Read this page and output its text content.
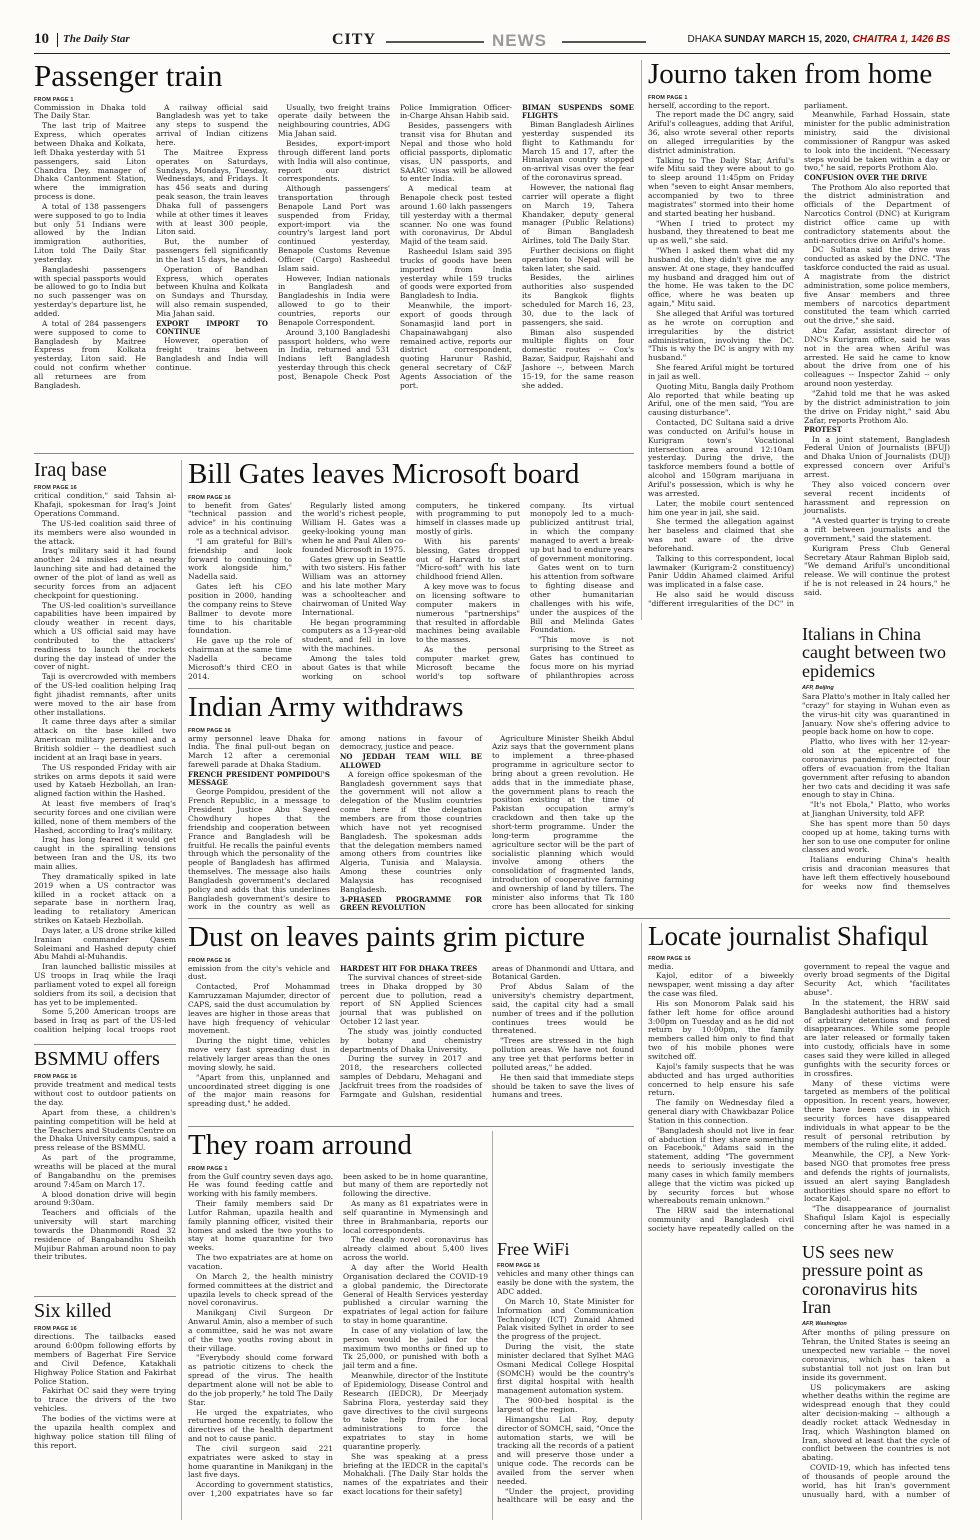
10 The Daily Star	CITY	NEWS	DHAKA SUNDAY MARCH 15, 2020, CHAITRA 1, 1426 BS
Passenger train
FROM PAGE 1

Commission in Dhaka told The Daily Star.

The last trip of Maitree Express, which operates between Dhaka and Kolkata, left Dhaka yesterday with 51 passengers, said Liton Chandra Dey, manager of Dhaka Cantonment Station, where the immigration process is done.

A total of 138 passengers were supposed to go to India but only 51 Indians were allowed by the Indian immigration authorities, Liton told The Daily Star yesterday.

Bangladeshi passengers with special passports would be allowed to go to India but no such passenger was on yesterday's departure list, he added.

A total of 284 passengers were supposed to come to Bangladesh by Maitree Express from Kolkata yesterday, Liton said. He could not confirm whether all returnees are from Bangladesh.

A railway official said Bangladesh was yet to take any steps to suspend the arrival of Indian citizens here.

The Maitree Express operates on Saturdays, Sundays, Mondays, Tuesday, Wednesdays, and Fridays. It has 456 seats and during peak season, the train leaves Dhaka full of passengers while at other times it leaves with at least 300 people, Liton said.

But, the number of passengers fell significantly in the last 15 days, he added.

Operation of Bandhan Express, which operates between Khulna and Kolkata on Sundays and Thursday, will also remain suspended, Mia Jahan said.

EXPORT IMPORT TO CONTINUE

However, operation of freight trains between Bangladesh and India will continue.

Usually, two freight trains operate daily between the neighbouring countries, ADG Mia Jahan said.

Besides, export-import through different land ports with India will also continue, report our district correspondents.

Although passengers' transportation through Benapole Land Port was suspended from Friday, export-import via the country's largest land port continued yesterday, Benapole Customs Revenue Officer (Cargo) Rasheedul Islam said.

However, Indian nationals in Bangladesh and Bangladeshis in India were allowed to go to their countries, reports our Benapole Correspondent.

Around 3,100 Bangladeshi passport holders, who were in India, returned and 531 Indians left Bangladesh yesterday through this check post, Benapole Check Post Police Immigration Officer-in-Charge Ahsan Habib said.

Besides, passengers with transit visa for Bhutan and Nepal and those who hold official passports, diplomatic visas, UN passports, and SAARC visas will be allowed to enter India.

A medical team at Benapole check post tested around 1.60 lakh passengers till yesterday with a thermal scanner. No one was found with coronavirus, Dr Abdul Majid of the team said.

Rasheedul Islam said 395 trucks of goods have been imported from India yesterday while 159 trucks of goods were exported from Bangladesh to India.

Meanwhile, the import-export of goods through Sonamasjid land port in Chapainawabganj also remained active, reports our district correspondent, quoting Harunur Rashid, general secretary of C&F Agents Association of the port.

BIMAN SUSPENDS SOME FLIGHTS

Biman Bangladesh Airlines yesterday suspended its flight to Kathmandu for March 15 and 17, after the Himalayan country stopped on-arrival visas over the fear of the coronavirus spread.

However, the national flag carrier will operate a flight on March 19, Tahera Khandaker, deputy general manager (Public Relations) of Biman Bangladesh Airlines, told The Daily Star.

Further decisions on flight operation to Nepal will be taken later, she said.

Besides, the airlines authorities also suspended its Bangkok flights scheduled for March 16, 23, 30, due to the lack of passengers, she said.

Biman also suspended multiple flights on four domestic routes -- Cox's Bazar, Saidpur, Rajshahi and Jashore --, between March 15-19, for the same reason she added.

Journo taken from home
FROM PAGE 1

herself, according to the report.

The report made the DC angry, said Ariful's colleagues, adding that Ariful, 36, also wrote several other reports on alleged irregularities by the district administration.

Talking to The Daily Star, Ariful's wife Mitu said they were about to go to sleep around 11:45pm on Friday when "seven to eight Ansar members, accompanied by two to three magistrates" stormed into their home and started beating her husband.

"When I tried to protect my husband, they threatened to beat me up as well," she said.

"When I asked them what did my husband do, they didn't give me any answer. At one stage, they handcuffed my husband and dragged him out of the home. He was taken to the DC office, where he was beaten up again," Mitu said.

She alleged that Ariful was tortured as he wrote on corruption and irregularities by the district administration, involving the DC. "This is why the DC is angry with my husband."

She feared Ariful might be tortured in jail as well.

Quoting Mitu, Bangla daily Prothom Alo reported that while beating up Ariful, one of the men said, "You are causing disturbance".

Contacted, DC Sultana said a drive was conducted on Ariful's house in Kurigram town's Vocational intersection area around 12:10am yesterday. During the drive, the taskforce members found a bottle of alcohol and 150gram marijuana in Ariful's possession, which is why he was arrested.

Later, the mobile court sentenced him one year in jail, she said.

She termed the allegation against her baseless and claimed that she was not aware of the drive beforehand.

Talking to this correspondent, local lawmaker (Kurigram-2 constituency) Panir Uddin Ahamed claimed Ariful was implicated in a false case.

He also said he would discuss "different irregularities of the DC" in parliament.

Meanwhile, Farhad Hossain, state minister for the public administration ministry, said the divisional commissioner of Rangpur was asked to look into the incident. "Necessary steps would be taken within a day or two," he said, reports Prothom Alo.

CONFUSION OVER THE DRIVE

The Prothom Alo also reported that the district administration and officials of the Department of Narcotics Control (DNC) at Kurigram district office came up with contradictory statements about the anti-narcotics drive on Ariful's home.

DC Sultana said the drive was conducted as asked by the DNC. "The taskforce conducted the raid as usual. A magistrate from the district administration, some police members, five Ansar members and three members of narcotics department constituted the team which carried out the drive," she said.

Abu Zafar, assistant director of DNC's Kurigram office, said he was not in the area when Ariful was arrested. He said he came to know about the drive from one of his colleagues -- Inspector Zahid -- only around noon yesterday.

"Zahid told me that he was asked by the district administration to join the drive on Friday night," said Abu Zafar, reports Prothom Alo.

PROTEST

In a joint statement, Bangladesh Federal Union of Journalists (BFUJ) and Dhaka Union of Journalists (DUJ) expressed concern over Ariful's arrest.

They also voiced concern over several recent incidents of harassment and repression on journalists.

"A vested quarter is trying to create a rift between journalists and the government," said the statement.

Kurigram Press Club General Secretary Ataur Rahman Biplob said, "We demand Ariful's unconditional release. We will continue the protest if he is not released in 24 hours," he said.

Iraq base
FROM PAGE 16

critical condition," said Tahsin al-Khafaji, spokesman for Iraq's Joint Operations Command.

The US-led coalition said three of its members were also wounded in the attack.

Iraq's military said it had found another 24 missiles at a nearby launching site and had detained the owner of the plot of land as well as security forces from an adjacent checkpoint for questioning.

The US-led coalition's surveillance capabilities have been impaired by cloudy weather in recent days, which a US official said may have contributed to the attackers' readiness to launch the rockets during the day instead of under the cover of night.

Taji is overcrowded with members of the US-led coalition helping Iraq fight jihadist remnants, after units were moved to the air base from other installations.

It came three days after a similar attack on the base killed two American military personnel and a British soldier -- the deadliest such incident at an Iraqi base in years.

The US responded Friday with air strikes on arms depots it said were used by Kataeb Hezbollah, an Iran-aligned faction within the Hashed.

At least five members of Iraq's security forces and one civilian were killed, none of them members of the Hashed, according to Iraq's military.

Iraq has long feared it would get caught in the spiralling tensions between Iran and the US, its two main allies.

They dramatically spiked in late 2019 when a US contractor was killed in a rocket attack on a separate base in northern Iraq, leading to retaliatory American strikes on Kataeb Hezbollah.

Days later, a US drone strike killed Iranian commander Qasem Soleimani and Hashed deputy chief Abu Mahdi al-Muhandis.

Iran launched ballistic missiles at US troops in Iraq while the Iraqi parliament voted to expel all foreign soldiers from its soil, a decision that has yet to be implemented.

Some 5,200 American troops are based in Iraq as part of the US-led coalition helping local troops root

Bill Gates leaves Microsoft board
FROM PAGE 16

to benefit from Gates' "technical passion and advice" in his continuing role as a technical advisor.

"I am grateful for Bill's friendship and look forward to continuing to work alongside him," Nadella said.

Gates left his CEO position in 2000, handing the company reins to Steve Ballmer to devote more time to his charitable foundation.

He gave up the role of chairman at the same time Nadella became Microsoft's third CEO in 2014.

Regularly listed among the world's richest people, William H. Gates was a geeky-looking young man when he and Paul Allen co-founded Microsoft in 1975.

Gates grew up in Seattle with two sisters. His father William was an attorney and his late mother Mary was a schoolteacher and chairwoman of United Way International.

He began programming computers as a 13-year-old student, and fell in love with the machines.

Among the tales told about Gates is that while working on school computers, he tinkered with programming to put himself in classes made up mostly of girls.

With his parents' blessing, Gates dropped out of Harvard to start "Micro-soft" with his late childhood friend Allen.

A key move was to focus on licensing software to computer makers in numerous "partnerships" that resulted in affordable machines being available to the masses.

As the personal computer market grew, Microsoft became the world's top software company. Its virtual monopoly led to a much-publicized antitrust trial, in which the company managed to avert a break-up but had to endure years of government monitoring.

Gates went on to turn his attention from software to fighting disease and other humanitarian challenges with his wife, under the auspices of the Bill and Melinda Gates Foundation.

"This move is not surprising to the Street as Gates has continued to focus more on his myriad of philanthropies across

Indian Army withdraws
FROM PAGE 16

army personnel leave Dhaka for India. The final pull-out began on March 12 after a ceremonial farewell parade at Dhaka Stadium.

FRENCH PRESIDENT POMPIDOU'S MESSAGE

George Pompidou, president of the French Republic, in a message to President Justice Abu Sayeed Chowdhury hopes that the friendship and cooperation between France and Bangladesh will be fruitful. He recalls the painful events through which the personality of the people of Bangladesh has affirmed themselves. The message also hails Bangladesh government's declared policy and adds that this underlines Bangladesh government's desire to work in the country as well as among nations in favour of democracy, justice and peace.

NO JEDDAH TEAM WILL BE ALLOWED

A foreign office spokesman of the Bangladesh government says that the government will not allow a delegation of the Muslim countries come here if the delegation members are from those countries which have not yet recognised Bangladesh. The spokesman adds that the delegation members named among others from countries like Algeria, Tunisia and Malaysia. Among these countries only Malaysia has recognised Bangladesh.

3-PHASED PROGRAMME FOR GREEN REVOLUTION

Agriculture Minister Sheikh Abdul Aziz says that the government plans to implement a three-phased programme in agriculture sector to bring about a green revolution. He adds that in the immediate phase, the government plans to reach the position existing at the time of Pakistan occupation army's crackdown and then take up the short-term programme. Under the long-term programme the agriculture sector will be the part of socialistic planning which would involve among others the consolidation of fragmented lands, introduction of cooperative farming and ownership of land by tillers. The minister also informs that Tk 180 crore has been allocated for sinking

Italians in China caught between two epidemics
AFP, Beijing

Sara Platto's mother in Italy called her "crazy" for staying in Wuhan even as the virus-hit city was quarantined in January. Now she's offering advice to people back home on how to cope.

Platto, who lives with her 12-year-old son at the epicentre of the coronavirus pandemic, rejected four offers of evacuation from the Italian government after refusing to abandon her two cats and deciding it was safe enough to stay in China.

"It's not Ebola," Platto, who works at Jianghan University, told AFP.

She has spent more than 50 days cooped up at home, taking turns with her son to use one computer for online classes and work.

Italians enduring China's health crisis and draconian measures that have left them effectively housebound for weeks now find themselves

Dust on leaves paints grim picture
FROM PAGE 16

emission from the city's vehicle and dust.

Contacted, Prof Mohammad Kamruzzaman Majumder, director of CAPS, said the dust accumulation by leaves are higher in those areas that have high frequency of vehicular movement.

During the night time, vehicles move very fast spreading dust in relatively larger areas than the ones moving slowly, he said.

"Apart from this, unplanned and uncoordinated street digging is one of the major main reasons for spreading dust," he added.

HARDEST HIT FOR DHAKA TREES

The survival chances of street-side trees in Dhaka dropped by 30 percent due to pollution, read a report of SN Applied Sciences journal that was published on October 12 last year.

The study was jointly conducted by botany and chemistry departments of Dhaka University.

During the survey in 2017 and 2018, the researchers collected samples of Debdaru, Mehagani and Jackfruit trees from the roadsides of Farmgate and Gulshan, residential areas of Dhanmondi and Uttara, and Botanical Garden.

Prof Abdus Salam of the university's chemistry department, said, the capital city had a small number of trees and if the pollution continues trees would be threatened.

"Trees are stressed in the high pollution areas. We have not found any tree yet that performs better in polluted areas," he added.

He then said that immediate steps should be taken to save the lives of humans and trees.

Locate journalist Shafiqul
FROM PAGE 16

media.

Kajol, editor of a biweekly newspaper, went missing a day after the case was filed.

His son Monorom Palak said his father left home for office around 3:00pm on Tuesday and as he did not return by 10:00pm, the family members called him only to find that two of his mobile phones were switched off.

Kajol's family suspects that he was abducted and has urged authorities concerned to help ensure his safe return.

The family on Wednesday filed a general diary with Chawkbazar Police Station in this connection.

"Bangladesh should not live in fear of abduction if they share something on Facebook," Adams said in the statement, adding "The government needs to seriously investigate the many cases in which family members allege that the victim was picked up by security forces but whose whereabouts remain unknown."

The HRW said the international community and Bangladesh civil society have repeatedly called on the government to repeal the vague and overly broad segments of the Digital Security Act, which "facilitates abuse".

In the statement, the HRW said Bangladeshi authorities had a history of arbitrary detentions and forced disappearances. While some people are later released or formally taken into custody, officials have in some cases said they were killed in alleged gunfights with the security forces or in crossfires.

Many of these victims were targeted as members of the political opposition. In recent years, however, there have been cases in which security forces have disappeared individuals in what appear to be the result of personal retribution by members of the ruling elite, it added.

Meanwhile, the CPJ, a New York-based NGO that promotes free press and defends the rights of journalists, issued an alert saying Bangladesh authorities should spare no effort to locate Kajol.

"The disappearance of journalist Shafiqul Islam Kajol is especially concerning after he was named in a

BSMMU offers
FROM PAGE 16

provide treatment and medical tests without cost to outdoor patients on the day.

Apart from these, a children's painting competition will be held at the Teachers and Students Centre on the Dhaka University campus, said a press release of the BSMMU.

As part of the programme, wreaths will be placed at the mural of Bangabandhu on the premises around 7:45am on March 17.

A blood donation drive will begin around 9:30am.

Teachers and officials of the university will start marching towards the Dhanmondi Road 32 residence of Bangabandhu Sheikh Mujibur Rahman around noon to pay their tributes.

They roam arround
FROM PAGE 1

from the Gulf country seven days ago. He was found feeding cattle and working with his family members.

Their family members said Dr Lutfor Rahman, upazila health and family planning officer, visited their homes and asked the two youths to stay at home quarantine for two weeks.

The two expatriates are at home on vacation.

On March 2, the health ministry formed committees at the district and upazila levels to check spread of the novel coronavirus.

Manikganj Civil Surgeon Dr Anwarul Amin, also a member of such a committee, said he was not aware of the two youths roving about in their village.

"Everybody should come forward as patriotic citizens to check the spread of the virus. The health department alone will not be able to do the job properly," he told The Daily Star.

He urged the expatriates, who returned home recently, to follow the directives of the health department and not to cause panic.

The civil surgeon said 221 expatriates were asked to stay in home quarantine in Manikganj in the last five days.

According to government statistics, over 1,200 expatriates have so far been asked to be in home quarantine, but many of them are reportedly not following the directive.

As many as 81 expatriates were in self quarantine in Mymensingh and three in Brahmanbaria, reports our local correspondents.

The deadly novel coronavirus has already claimed about 5,400 lives across the world.

A day after the World Health Organisation declared the COVID-19 a global pandemic, the Directorate General of Health Services yesterday published a circular warning the expatriates of legal action for failure to stay in home quarantine.

In case of any violation of law, the person would be jailed for the maximum two months or fined up to Tk 25,000, or punished with both a jail term and a fine.

Meanwhile, director of the Institute of Epidemiology, Disease Control and Research (IEDCR), Dr Meerjady Sabrina Flora, yesterday said they gave directives to the civil surgeons to take help from the local administrations to force the expatriates to stay in home quarantine properly.

She was speaking at a press briefing at the IEDCR in the capital's Mohakhali. [The Daily Star holds the names of the expatriates and their exact locations for their safety]

Free WiFi
FROM PAGE 16

vehicles and many other things can easily be done with the system, the ADC added.

On March 10, State Minister for Information and Communication Technology (ICT) Zunaid Ahmed Palak visited Sylhet in order to see the progress of the project.

During the visit, the state minister declared that Sylhet MAG Osmani Medical College Hospital (SOMCH) would be the country's first digital hospital with health management automation system.

The 900-bed hospital is the largest of the region.

Himangshu Lal Roy, deputy director of SOMCH, said, "Once the automation starts, we will be tracking all the records of a patient and will preserve those under a unique code. The records can be availed from the server when needed.

"Under the project, providing healthcare will be easy and the

US sees new pressure point as coronavirus hits Iran
AFP, Washington

After months of piling pressure on Tehran, the United States is seeing an unexpected new variable -- the novel coronavirus, which has taken a substantial toll not just on Iran but inside its government.

US policymakers are asking whether deaths within the regime are widespread enough that they could alter decision-making -- although a deadly rocket attack Wednesday in Iraq, which Washington blamed on Iran, showed at least that the cycle of conflict between the countries is not abating.

COVID-19, which has infected tens of thousands of people around the world, has hit Iran's government unusually hard, with a number of

Six killed
FROM PAGE 16

directions. The tailbacks eased around 6:00pm following efforts by members of Bagerhat Fire Service and Civil Defence, Katakhali Highway Police Station and Fakirhat Police Station.

Fakirhat OC said they were trying to trace the drivers of the two vehicles.

The bodies of the victims were at the upazila health complex and highway police station till filing of this report.
